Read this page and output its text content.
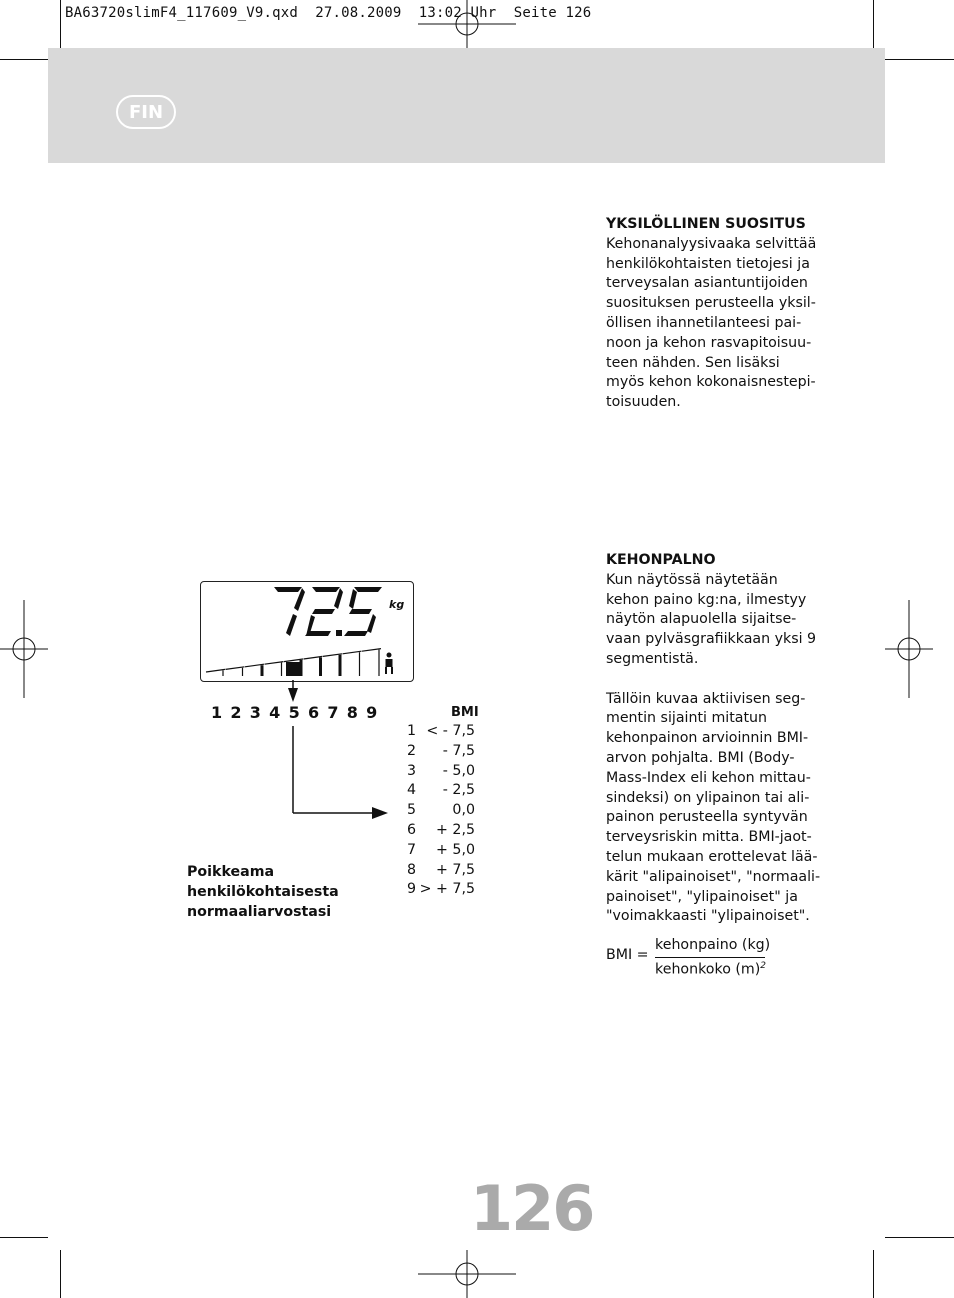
BA63720slimF4_117609_V9.qxd  27.08.2009  13:02 Uhr  Seite 126
FIN
YKSILÖLLINEN SUOSITUS
Kehonanalyysivaaka selvittää
henkilökohtaisten tietojesi ja
terveysalan asiantuntijoiden
suosituksen perusteella yksil-
öllisen ihannetilanteesi pai-
noon ja kehon rasvapitoisuu-
teen nähden. Sen lisäksi
myös kehon kokonaisnestepi-
toisuuden.
KEHONPALNO
Kun näytössä näytetään
kehon paino kg:na, ilmestyy
näytön alapuolella sijaitse-
vaan pylväsgrafiikkaan yksi 9
segmentistä.
Tällöin kuvaa aktiivisen seg-
mentin sijainti mitatun
kehonpainon arvioinnin BMI-
arvon pohjalta. BMI (Body-
Mass-Index eli kehon mittau-
sindeksi) on ylipainon tai ali-
painon perusteella syntyvän
terveysriskin mitta. BMI-jaot-
telun mukaan erottelevat lää-
kärit "alipainoiset", "normaali-
painoiset", "ylipainoiset" ja
"voimakkaasti "ylipainoiset".
BMI =
kehonpaino (kg)
kehonkoko $(m)^2$
kg
1 2 3 4 5 6 7 8 9	BMI
1 < - 7,5
2 - 7,5
3 - 5,0
4 - 2,5
5	0,0
6 + 2,5
7 + 5,0
8 + 7,5
9 > + 7,5
Poikkeama henkilökohtaisesta
normaaliarvostasi
126
